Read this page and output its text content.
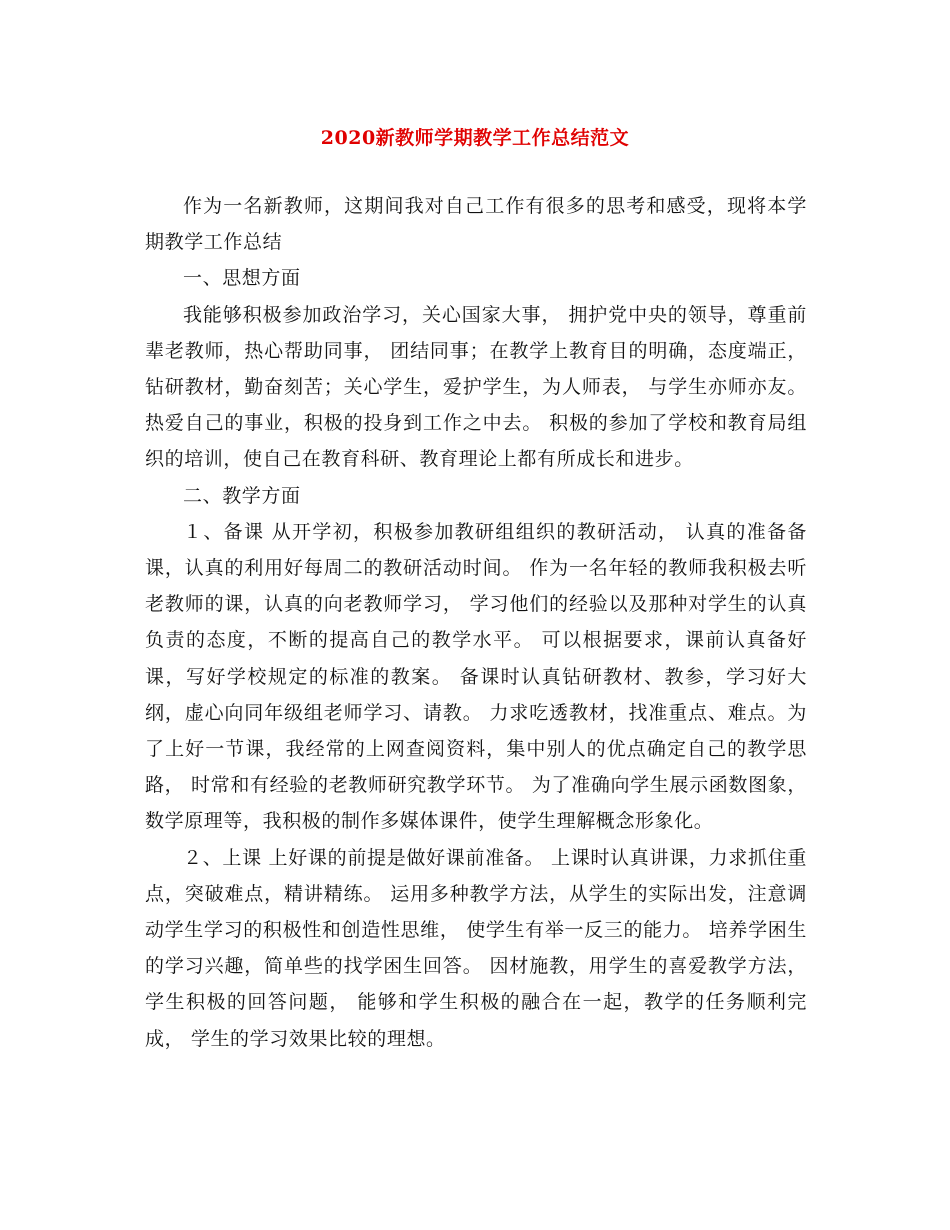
2020新教师学期教学工作总结范文

作为一名新教师，这期间我对自己工作有很多的思考和感受，现将本学期教学工作总结

一、思想方面

我能够积极参加政治学习，关心国家大事， 拥护党中央的领导，尊重前辈老教师，热心帮助同事， 团结同事；在教学上教育目的明确，态度端正， 钻研教材，勤奋刻苦；关心学生，爱护学生，为人师表， 与学生亦师亦友。 热爱自己的事业，积极的投身到工作之中去。 积极的参加了学校和教育局组织的培训，使自己在教育科研、教育理论上都有所成长和进步。

二、教学方面

１、备课 从开学初，积极参加教研组组织的教研活动， 认真的准备备课，认真的利用好每周二的教研活动时间。 作为一名年轻的教师我积极去听老教师的课，认真的向老教师学习， 学习他们的经验以及那种对学生的认真负责的态度，不断的提高自己的教学水平。 可以根据要求，课前认真备好课，写好学校规定的标准的教案。 备课时认真钻研教材、教参，学习好大纲，虚心向同年级组老师学习、请教。 力求吃透教材，找准重点、难点。为了上好一节课，我经常的上网查阅资料，集中别人的优点确定自己的教学思路， 时常和有经验的老教师研究教学环节。 为了准确向学生展示函数图象，数学原理等，我积极的制作多媒体课件，使学生理解概念形象化。

２、上课 上好课的前提是做好课前准备。 上课时认真讲课，力求抓住重点，突破难点，精讲精练。 运用多种教学方法，从学生的实际出发，注意调动学生学习的积极性和创造性思维， 使学生有举一反三的能力。 培养学困生的学习兴趣，简单些的找学困生回答。 因材施教，用学生的喜爱教学方法，学生积极的回答问题， 能够和学生积极的融合在一起，教学的任务顺利完成， 学生的学习效果比较的理想。
